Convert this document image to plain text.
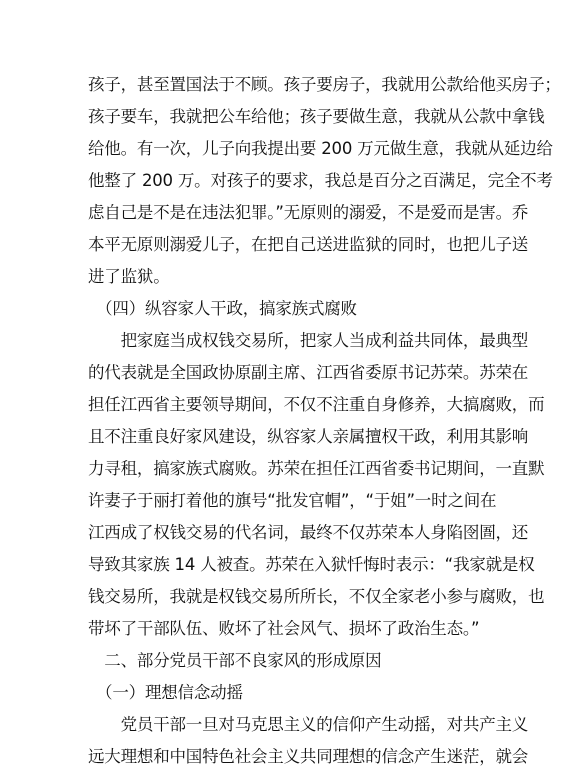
孩子，甚至置国法于不顾。孩子要房子，我就用公款给他买房子；
孩子要车，我就把公车给他；孩子要做生意，我就从公款中拿钱
给他。有一次，儿子向我提出要 200 万元做生意，我就从延边给
他整了 200 万。对孩子的要求，我总是百分之百满足，完全不考
虑自己是不是在违法犯罪。”无原则的溺爱，不是爱而是害。乔
本平无原则溺爱儿子，在把自己送进监狱的同时，也把儿子送
进了监狱。
　（四）纵容家人干政，搞家族式腐败
　　把家庭当成权钱交易所，把家人当成利益共同体，最典型
的代表就是全国政协原副主席、江西省委原书记苏荣。苏荣在
担任江西省主要领导期间，不仅不注重自身修养，大搞腐败，而
且不注重良好家风建设，纵容家人亲属擅权干政，利用其影响
力寻租，搞家族式腐败。苏荣在担任江西省委书记期间，一直默
许妻子于丽打着他的旗号“批发官帽”，“于姐”一时之间在
江西成了权钱交易的代名词，最终不仅苏荣本人身陷囹圄，还
导致其家族 14 人被查。苏荣在入狱忏悔时表示：“我家就是权
钱交易所，我就是权钱交易所所长，不仅全家老小参与腐败，也
带坏了干部队伍、败坏了社会风气、损坏了政治生态。”
　二、部分党员干部不良家风的形成原因
　（一）理想信念动摇
　　党员干部一旦对马克思主义的信仰产生动摇，对共产主义
远大理想和中国特色社会主义共同理想的信念产生迷茫，就会
